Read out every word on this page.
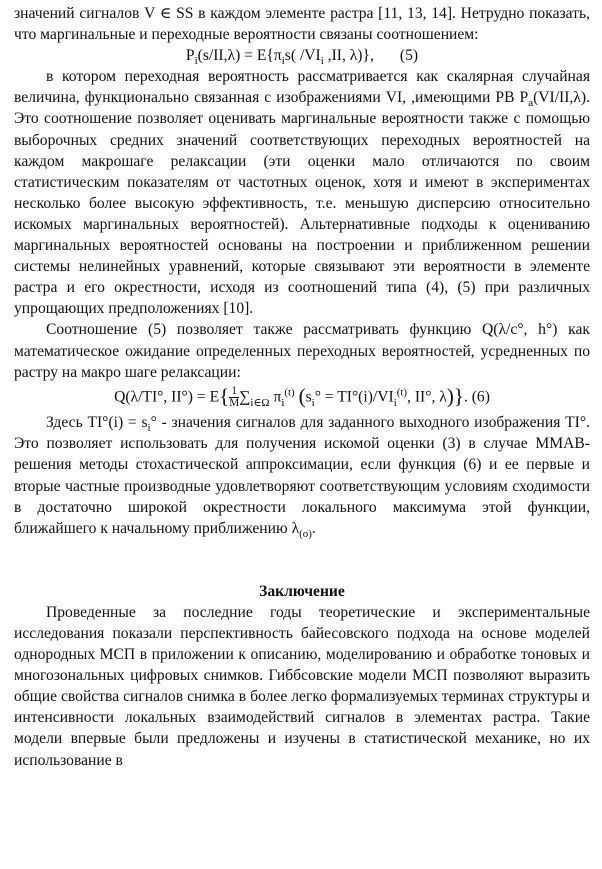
значений сигналов V ∈ SS в каждом элементе растра [11, 13, 14]. Нетрудно показать, что маргинальные и переходные вероятности связаны соотношением:

$P_i(s/II,\lambda) = E\{\pi_is$( $/VI_i$ ,II, λ)}, (5)

в котором переходная вероятность рассматривается как скалярная случайная величина, функционально связанная с изображениями VI, ,имеющими РВ $P_a(VI/II,\lambda)$. Это соотношение позволяет оценивать маргинальные вероятности также с помощью выборочных средних значений соответствующих переходных вероятностей на каждом макрошаге релаксации (эти оценки мало отличаются по своим статистическим показателям от частотных оценок, хотя и имеют в экспериментах несколько более высокую эффективность, т.е. меньшую дисперсию относительно искомых маргинальных вероятностей). Альтернативные подходы к оцениванию маргинальных вероятностей основаны на построении и приближенном решении системы нелинейных уравнений, которые связывают эти вероятности в элементе растра и его окрестности, исходя из соотношений типа (4), (5) при различных упрощающих предположениях [10].

Соотношение (5) позволяет также рассматривать функцию Q(λ/c°, h°) как математическое ожидание определенных переходных вероятностей, усредненных по растру на макро шаге релаксации:

Q(λ/TI°, $II^\circ) = E\{ \frac{1}{M} \sum_{i\in\Omega}$ $\pi_i^{(t)}$ ($s_i^\circ = TI^\circ(i)/VI_i^{(t)}$, II°, λ)}. (6)

Здесь $TI^\circ(i) = s_i^\circ$ - значения сигналов для заданного выходного изображения TI°. Это позволяет использовать для получения искомой оценки (3) в случае ММАВ-решения методы стохастической аппроксимации, если функция (6) и ее первые и вторые частные производные удовлетворяют соответствующим условиям сходимости в достаточно широкой окрестности локального максимума этой функции, ближайшего к начальному приближению $\lambda_{(o)}$.

Заключение

Проведенные за последние годы теоретические и экспериментальные исследования показали перспективность байесовского подхода на основе моделей однородных МСП в приложении к описанию, моделированию и обработке тоновых и многозональных цифровых снимков. Гиббсовские модели МСП позволяют выразить общие свойства сигналов снимка в более легко формализуемых терминах структуры и интенсивности локальных взаимодействий сигналов в элементах растра. Такие модели впервые были предложены и изучены в статистической механике, но их использование в
